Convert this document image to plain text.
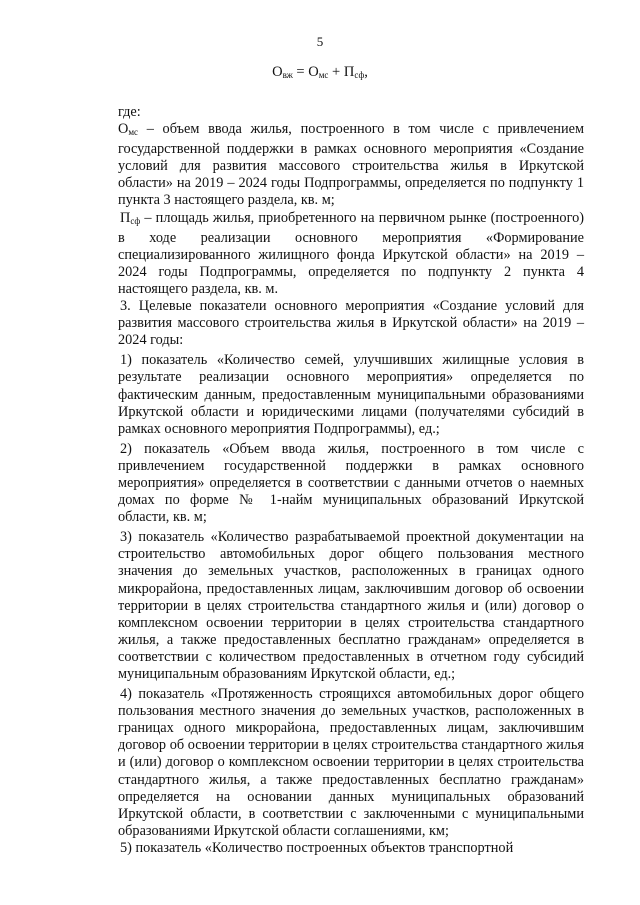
5
$О_{вж} = О_{мс} + П_{сф}$,

где:

$О_{мс}$ – объем ввода жилья, построенного в том числе с привлечением государственной поддержки в рамках основного мероприятия «Создание условий для развития массового строительства жилья в Иркутской области» на 2019 – 2024 годы Подпрограммы, определяется по подпункту 1 пункта 3 настоящего раздела, кв. м;

$П_{сф}$ – площадь жилья, приобретенного на первичном рынке (построенного) в ходе реализации основного мероприятия «Формирование специализированного жилищного фонда Иркутской области» на 2019 – 2024 годы Подпрограммы, определяется по подпункту 2 пункта 4 настоящего раздела, кв. м.

3. Целевые показатели основного мероприятия «Создание условий для развития массового строительства жилья в Иркутской области» на 2019 – 2024 годы:

1) показатель «Количество семей, улучшивших жилищные условия в результате реализации основного мероприятия» определяется по фактическим данным, предоставленным муниципальными образованиями Иркутской области и юридическими лицами (получателями субсидий в рамках основного мероприятия Подпрограммы), ед.;

2) показатель «Объем ввода жилья, построенного в том числе с привлечением государственной поддержки в рамках основного мероприятия» определяется в соответствии с данными отчетов о наемных домах по форме № 1-найм муниципальных образований Иркутской области, кв. м;

3) показатель «Количество разрабатываемой проектной документации на строительство автомобильных дорог общего пользования местного значения до земельных участков, расположенных в границах одного микрорайона, предоставленных лицам, заключившим договор об освоении территории в целях строительства стандартного жилья и (или) договор о комплексном освоении территории в целях строительства стандартного жилья, а также предоставленных бесплатно гражданам» определяется в соответствии с количеством предоставленных в отчетном году субсидий муниципальным образованиям Иркутской области, ед.;

4) показатель «Протяженность строящихся автомобильных дорог общего пользования местного значения до земельных участков, расположенных в границах одного микрорайона, предоставленных лицам, заключившим договор об освоении территории в целях строительства стандартного жилья и (или) договор о комплексном освоении территории в целях строительства стандартного жилья, а также предоставленных бесплатно гражданам» определяется на основании данных муниципальных образований Иркутской области, в соответствии с заключенными с муниципальными образованиями Иркутской области соглашениями, км;

5) показатель «Количество построенных объектов транспортной
